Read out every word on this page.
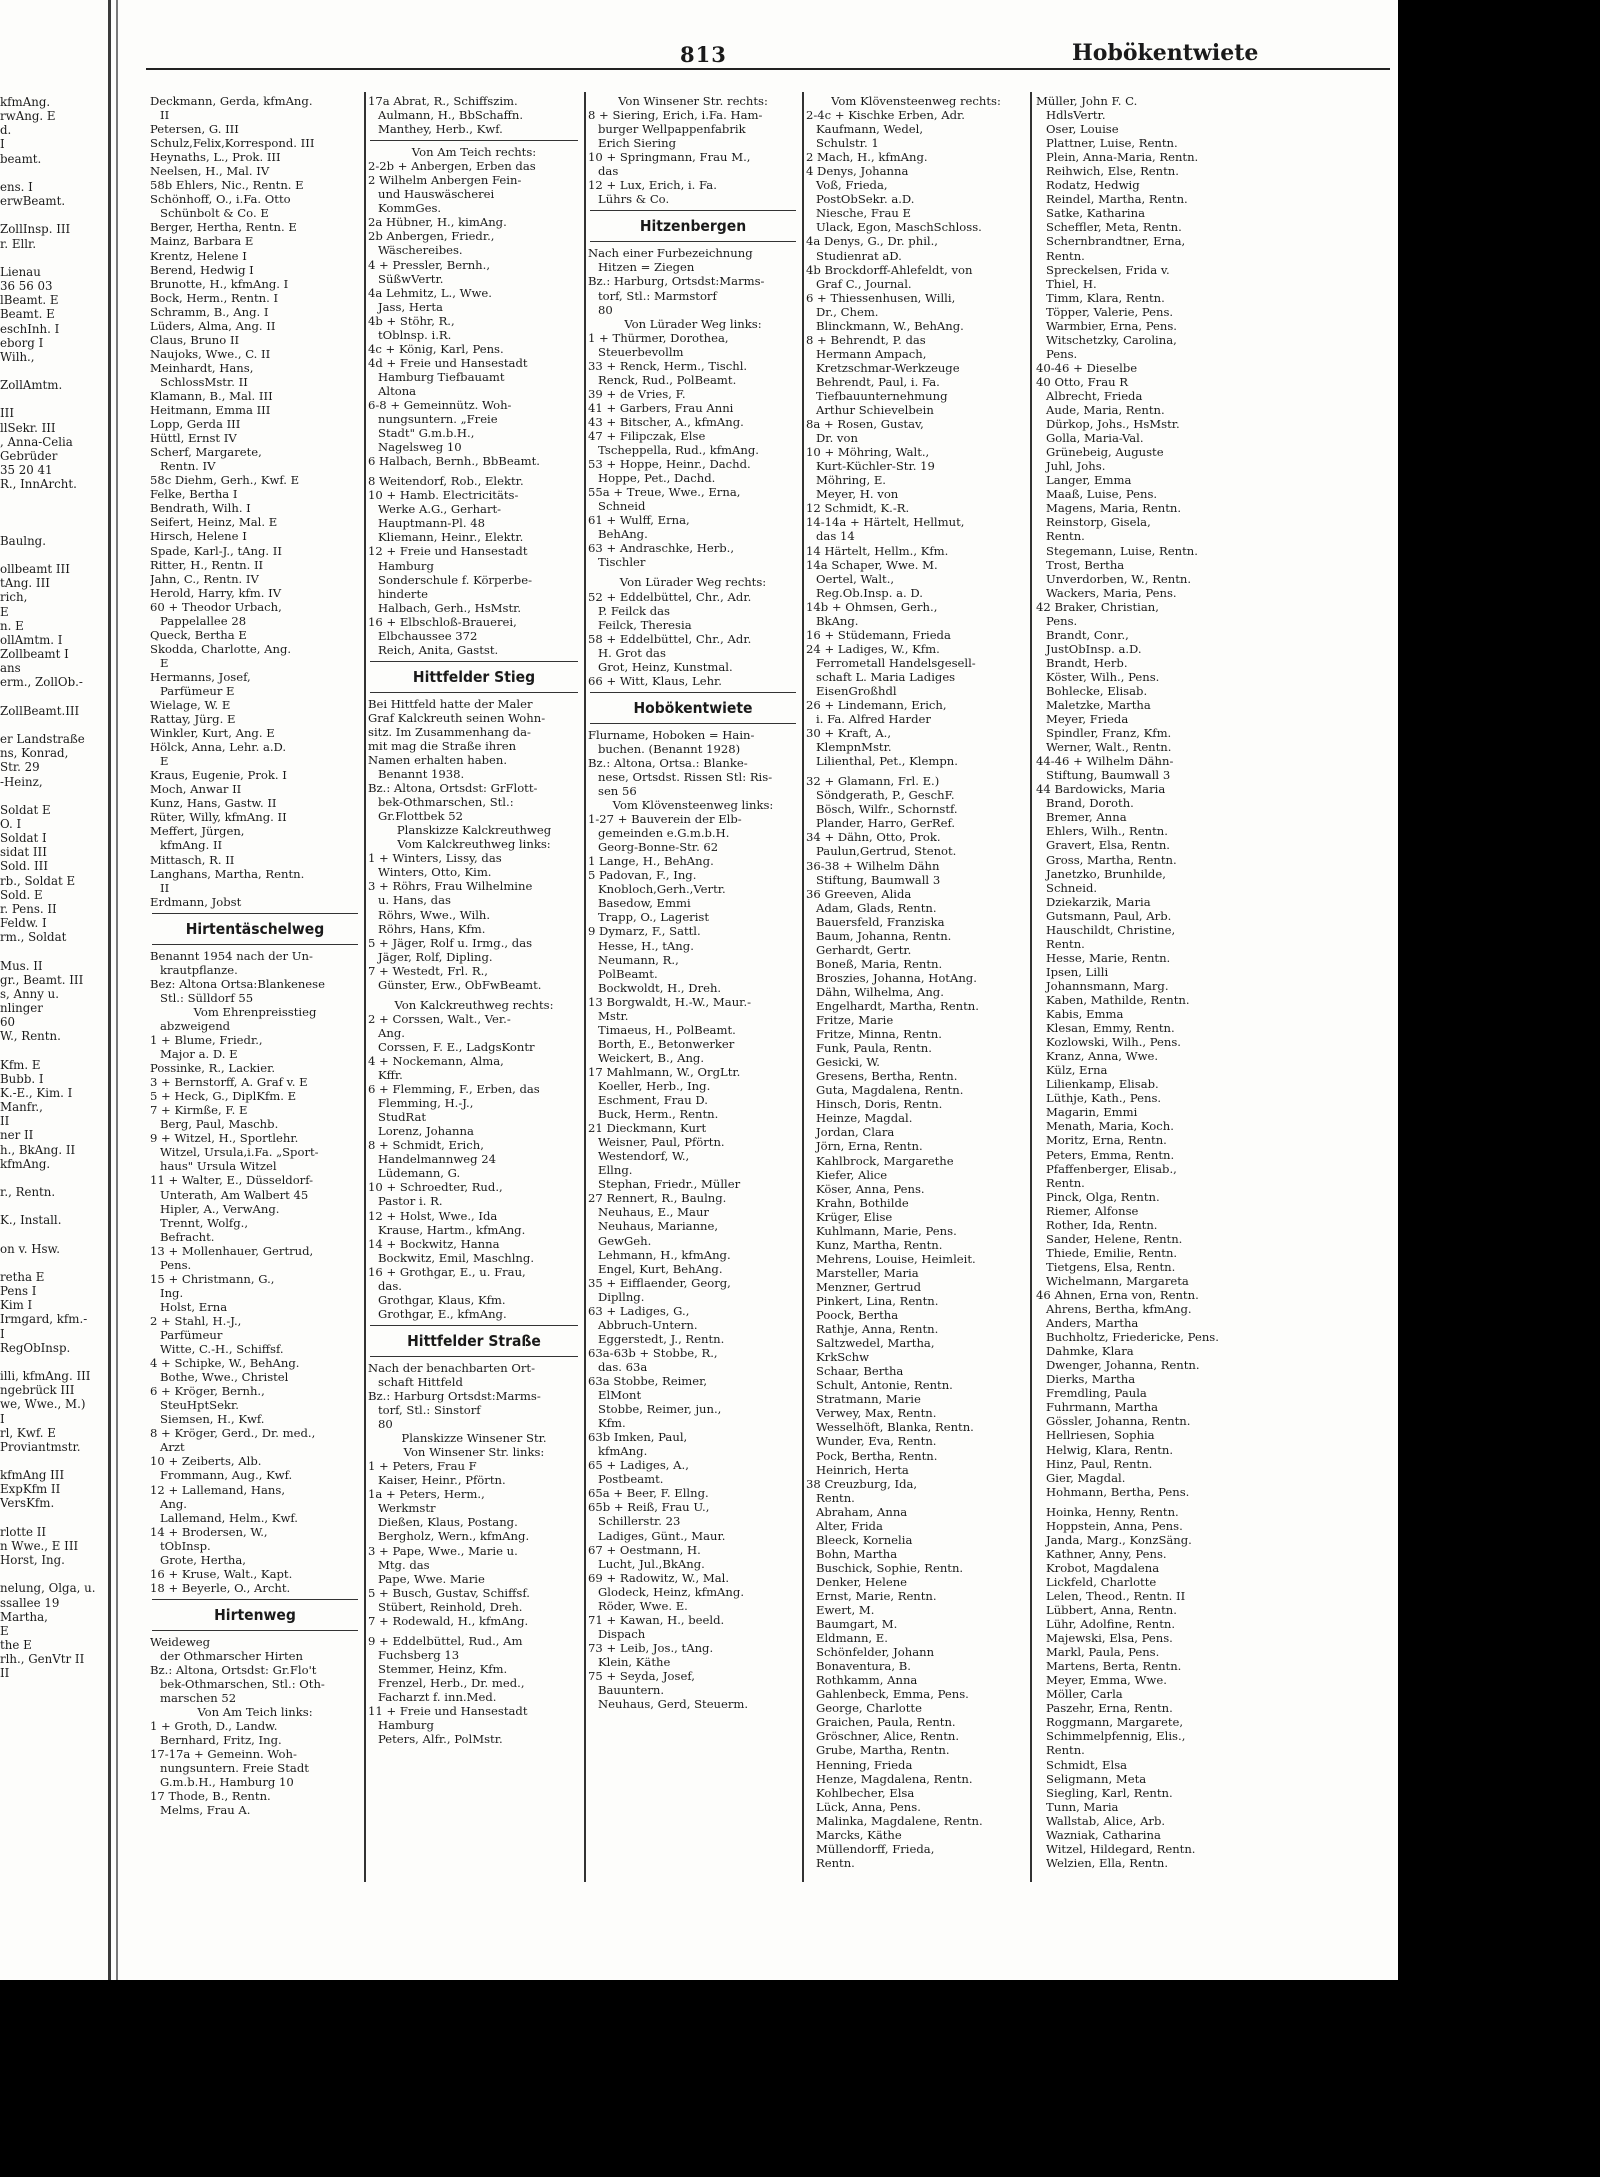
kfmAng.
rwAng. E
d.
I
beamt.

ens. I
erwBeamt.

ZollInsp. III
r. Ellr.

Lienau
36 56 03
lBeamt. E
Beamt. E
eschInh. I
eborg I
Wilh.,

ZollAmtm.

III
llSekr. III
, Anna-Celia
Gebrüder
35 20 41
R., InnArcht.

Baulng.

ollbeamt III
tAng. III
rich,
E
n. E
ollAmtm. I
Zollbeamt I
ans
erm., ZollOb.-

ZollBeamt.III

er Landstraße
ns, Konrad,
Str. 29
-Heinz,

Soldat E
O. I
Soldat I
sidat III
Sold. III
rb., Soldat E
Sold. E
r. Pens. II
Feldw. I
rm., Soldat

Mus. II
gr., Beamt. III
s, Anny u.
nlinger
60
W., Rentn.

Kfm. E
Bubb. I
K.-E., Kim. I
Manfr.,
II
ner II
h., BkAng. II
kfmAng.

r., Rentn.

K., Install.

on v. Hsw.

retha E
Pens I
Kim I
Irmgard, kfm.-
I
RegObInsp.

illi, kfmAng. III
ngebrück III
we, Wwe., M.)
I
rl, Kwf. E
Proviantmstr.

kfmAng III
ExpKfm II
VersKfm.

rlotte II
n Wwe., E III
Horst, Ing.

nelung, Olga, u.
ssallee 19
Martha,
E
the E
rlh., GenVtr II
II
813	Hobökentwiete
Deckmann, Gerda, kfmAng.
II
Petersen, G. III
Schulz,Felix,Korrespond. III
Heynaths, L., Prok. III
Neelsen, H., Mal. IV
58b Ehlers, Nic., Rentn. E
Schönhoff, O., i.Fa. Otto
Schünbolt & Co. E
Berger, Hertha, Rentn. E
Mainz, Barbara E
Krentz, Helene I
Berend, Hedwig I
Brunotte, H., kfmAng. I
Bock, Herm., Rentn. I
Schramm, B., Ang. I
Lüders, Alma, Ang. II
Claus, Bruno II
Naujoks, Wwe., C. II
Meinhardt, Hans,
SchlossMstr. II
Klamann, B., Mal. III
Heitmann, Emma III
Lopp, Gerda III
Hüttl, Ernst IV
Scherf, Margarete,
Rentn. IV
58c Diehm, Gerh., Kwf. E
Felke, Bertha I
Bendrath, Wilh. I
Seifert, Heinz, Mal. E
Hirsch, Helene I
Spade, Karl-J., tAng. II
Ritter, H., Rentn. II
Jahn, C., Rentn. IV
Herold, Harry, kfm. IV
60 + Theodor Urbach,
Pappelallee 28
Queck, Bertha E
Skodda, Charlotte, Ang.
E
Hermanns, Josef,
Parfümeur E
Wielage, W. E
Rattay, Jürg. E
Winkler, Kurt, Ang. E
Hölck, Anna, Lehr. a.D.
E
Kraus, Eugenie, Prok. I
Moch, Anwar II
Kunz, Hans, Gastw. II
Rüter, Willy, kfmAng. II
Meffert, Jürgen,
kfmAng. II
Mittasch, R. II
Langhans, Martha, Rentn.
II
Erdmann, Jobst
Hirtentäschelweg
Benannt 1954 nach der Un-
krautpflanze.
Bez: Altona Ortsa:Blankenese
Stl.: Sülldorf 55
Vom Ehrenpreisstieg
abzweigend
1 + Blume, Friedr.,
Major a. D. E
Possinke, R., Lackier.
3 + Bernstorff, A. Graf v. E
5 + Heck, G., DiplKfm. E
7 + Kirmße, F. E
Berg, Paul, Maschb.
9 + Witzel, H., Sportlehr.
Witzel, Ursula,i.Fa. „Sport-
haus" Ursula Witzel
11 + Walter, E., Düsseldorf-
Unterath, Am Walbert 45
Hipler, A., VerwAng.
Trennt, Wolfg.,
Befracht.
13 + Mollenhauer, Gertrud,
Pens.
15 + Christmann, G.,
Ing.
Holst, Erna
2 + Stahl, H.-J.,
Parfümeur
Witte, C.-H., Schiffsf.
4 + Schipke, W., BehAng.
Bothe, Wwe., Christel
6 + Kröger, Bernh.,
SteuHptSekr.
Siemsen, H., Kwf.
8 + Kröger, Gerd., Dr. med.,
Arzt
10 + Zeiberts, Alb.
Frommann, Aug., Kwf.
12 + Lallemand, Hans,
Ang.
Lallemand, Helm., Kwf.
14 + Brodersen, W.,
tObInsp.
Grote, Hertha,
16 + Kruse, Walt., Kapt.
18 + Beyerle, O., Archt.
Hirtenweg
Weideweg
der Othmarscher Hirten
Bz.: Altona, Ortsdst: Gr.Flo't
bek-Othmarschen, Stl.: Oth-
marschen 52
Von Am Teich links:
1 + Groth, D., Landw.
Bernhard, Fritz, Ing.
17-17a + Gemeinn. Woh-
nungsuntern. Freie Stadt
G.m.b.H., Hamburg 10
17 Thode, B., Rentn.
Melms, Frau A.
17a Abrat, R., Schiffszim.
Aulmann, H., BbSchaffn.
Manthey, Herb., Kwf.
Von Am Teich rechts:
2-2b + Anbergen, Erben das
2 Wilhelm Anbergen Fein-
und Hauswäscherei
KommGes.
2a Hübner, H., kimAng.
2b Anbergen, Friedr.,
Wäschereibes.
4 + Pressler, Bernh.,
SüßwVertr.
4a Lehmitz, L., Wwe.
Jass, Herta
4b + Stöhr, R.,
tOblnsp. i.R.
4c + König, Karl, Pens.
4d + Freie und Hansestadt
Hamburg Tiefbauamt
Altona
6-8 + Gemeinnütz. Woh-
nungsuntern. „Freie
Stadt" G.m.b.H.,
Nagelsweg 10
6 Halbach, Bernh., BbBeamt.
8 Weitendorf, Rob., Elektr.
10 + Hamb. Electricitäts-
Werke A.G., Gerhart-
Hauptmann-Pl. 48
Kliemann, Heinr., Elektr.
12 + Freie und Hansestadt
Hamburg
Sonderschule f. Körperbe-
hinderte
Halbach, Gerh., HsMstr.
16 + Elbschloß-Brauerei,
Elbchaussee 372
Reich, Anita, Gastst.
Hittfelder Stieg
Bei Hittfeld hatte der Maler
Graf Kalckreuth seinen Wohn-
sitz. Im Zusammenhang da-
mit mag die Straße ihren
Namen erhalten haben.
Benannt 1938.
Bz.: Altona, Ortsdst: GrFlott-
bek-Othmarschen, Stl.:
Gr.Flottbek 52
Planskizze Kalckreuthweg
Vom Kalckreuthweg links:
1 + Winters, Lissy, das
Winters, Otto, Kim.
3 + Röhrs, Frau Wilhelmine
u. Hans, das
Röhrs, Wwe., Wilh.
Röhrs, Hans, Kfm.
5 + Jäger, Rolf u. Irmg., das
Jäger, Rolf, Dipling.
7 + Westedt, Frl. R.,
Günster, Erw., ObFwBeamt.
Von Kalckreuthweg rechts:
2 + Corssen, Walt., Ver.-
Ang.
Corssen, F. E., LadgsKontr
4 + Nockemann, Alma,
Kffr.
6 + Flemming, F., Erben, das
Flemming, H.-J.,
StudRat
Lorenz, Johanna
8 + Schmidt, Erich,
Handelmannweg 24
Lüdemann, G.
10 + Schroedter, Rud.,
Pastor i. R.
12 + Holst, Wwe., Ida
Krause, Hartm., kfmAng.
14 + Bockwitz, Hanna
Bockwitz, Emil, Maschlng.
16 + Grothgar, E., u. Frau,
das.
Grothgar, Klaus, Kfm.
Grothgar, E., kfmAng.
Hittfelder Straße
Nach der benachbarten Ort-
schaft Hittfeld
Bz.: Harburg Ortsdst:Marms-
torf, Stl.: Sinstorf
80
Planskizze Winsener Str.
Von Winsener Str. links:
1 + Peters, Frau F
Kaiser, Heinr., Pförtn.
1a + Peters, Herm.,
Werkmstr
Dießen, Klaus, Postang.
Bergholz, Wern., kfmAng.
3 + Pape, Wwe., Marie u.
Mtg. das
Pape, Wwe. Marie
5 + Busch, Gustav, Schiffsf.
Stübert, Reinhold, Dreh.
7 + Rodewald, H., kfmAng.
9 + Eddelbüttel, Rud., Am
Fuchsberg 13
Stemmer, Heinz, Kfm.
Frenzel, Herb., Dr. med.,
Facharzt f. inn.Med.
11 + Freie und Hansestadt
Hamburg
Peters, Alfr., PolMstr.
Von Winsener Str. rechts:
8 + Siering, Erich, i.Fa. Ham-
burger Wellpappenfabrik
Erich Siering
10 + Springmann, Frau M.,
das
12 + Lux, Erich, i. Fa.
Lührs & Co.
Hitzenbergen
Nach einer Furbezeichnung
Hitzen = Ziegen
Bz.: Harburg, Ortsdst:Marms-
torf, Stl.: Marmstorf
80
Von Lürader Weg links:
1 + Thürmer, Dorothea,
Steuerbevollm
33 + Renck, Herm., Tischl.
Renck, Rud., PolBeamt.
39 + de Vries, F.
41 + Garbers, Frau Anni
43 + Bitscher, A., kfmAng.
47 + Filipczak, Else
Tscheppella, Rud., kfmAng.
53 + Hoppe, Heinr., Dachd.
Hoppe, Pet., Dachd.
55a + Treue, Wwe., Erna,
Schneid
61 + Wulff, Erna,
BehAng.
63 + Andraschke, Herb.,
Tischler
Von Lürader Weg rechts:
52 + Eddelbüttel, Chr., Adr.
P. Feilck das
Feilck, Theresia
58 + Eddelbüttel, Chr., Adr.
H. Grot das
Grot, Heinz, Kunstmal.
66 + Witt, Klaus, Lehr.
Hobökentwiete
Flurname, Hoboken = Hain-
buchen. (Benannt 1928)
Bz.: Altona, Ortsa.: Blanke-
nese, Ortsdst. Rissen Stl: Ris-
sen 56
Vom Klövensteenweg links:
1-27 + Bauverein der Elb-
gemeinden e.G.m.b.H.
Georg-Bonne-Str. 62
1 Lange, H., BehAng.
5 Padovan, F., Ing.
Knobloch,Gerh.,Vertr.
Basedow, Emmi
Trapp, O., Lagerist
9 Dymarz, F., Sattl.
Hesse, H., tAng.
Neumann, R.,
PolBeamt.
Bockwoldt, H., Dreh.
13 Borgwaldt, H.-W., Maur.-
Mstr.
Timaeus, H., PolBeamt.
Borth, E., Betonwerker
Weickert, B., Ang.
17 Mahlmann, W., OrgLtr.
Koeller, Herb., Ing.
Eschment, Frau D.
Buck, Herm., Rentn.
21 Dieckmann, Kurt
Weisner, Paul, Pförtn.
Westendorf, W.,
Ellng.
Stephan, Friedr., Müller
27 Rennert, R., Baulng.
Neuhaus, E., Maur
Neuhaus, Marianne,
GewGeh.
Lehmann, H., kfmAng.
Engel, Kurt, BehAng.
35 + Eifflaender, Georg,
Dipllng.
63 + Ladiges, G.,
Abbruch-Untern.
Eggerstedt, J., Rentn.
63a-63b + Stobbe, R.,
das. 63a
63a Stobbe, Reimer,
ElMont
Stobbe, Reimer, jun.,
Kfm.
63b Imken, Paul,
kfmAng.
65 + Ladiges, A.,
Postbeamt.
65a + Beer, F. Ellng.
65b + Reiß, Frau U.,
Schillerstr. 23
Ladiges, Günt., Maur.
67 + Oestmann, H.
Lucht, Jul.,BkAng.
69 + Radowitz, W., Mal.
Glodeck, Heinz, kfmAng.
Röder, Wwe. E.
71 + Kawan, H., beeld.
Dispach
73 + Leib, Jos., tAng.
Klein, Käthe
75 + Seyda, Josef,
Bauuntern.
Neuhaus, Gerd, Steuerm.
Vom Klövensteenweg rechts:
2-4c + Kischke Erben, Adr.
Kaufmann, Wedel,
Schulstr. 1
2 Mach, H., kfmAng.
4 Denys, Johanna
Voß, Frieda,
PostObSekr. a.D.
Niesche, Frau E
Ulack, Egon, MaschSchloss.
4a Denys, G., Dr. phil.,
Studienrat aD.
4b Brockdorff-Ahlefeldt, von
Graf C., Journal.
6 + Thiessenhusen, Willi,
Dr., Chem.
Blinckmann, W., BehAng.
8 + Behrendt, P. das
Hermann Ampach,
Kretzschmar-Werkzeuge
Behrendt, Paul, i. Fa.
Tiefbauunternehmung
Arthur Schievelbein
8a + Rosen, Gustav,
Dr. von
10 + Möhring, Walt.,
Kurt-Küchler-Str. 19
Möhring, E.
Meyer, H. von
12 Schmidt, K.-R.
14-14a + Härtelt, Hellmut,
das 14
14 Härtelt, Hellm., Kfm.
14a Schaper, Wwe. M.
Oertel, Walt.,
Reg.Ob.Insp. a. D.
14b + Ohmsen, Gerh.,
BkAng.
16 + Stüdemann, Frieda
24 + Ladiges, W., Kfm.
Ferrometall Handelsgesell-
schaft L. Maria Ladiges
EisenGroßhdl
26 + Lindemann, Erich,
i. Fa. Alfred Harder
30 + Kraft, A.,
KlempnMstr.
Lilienthal, Pet., Klempn.
32 + Glamann, Frl. E.)
Söndgerath, P., GeschF.
Bösch, Wilfr., Schornstf.
Plander, Harro, GerRef.
34 + Dähn, Otto, Prok.
Paulun,Gertrud, Stenot.
36-38 + Wilhelm Dähn
Stiftung, Baumwall 3
36 Greeven, Alida
Adam, Glads, Rentn.
Bauersfeld, Franziska
Baum, Johanna, Rentn.
Gerhardt, Gertr.
Boneß, Maria, Rentn.
Broszies, Johanna, HotAng.
Dähn, Wilhelma, Ang.
Engelhardt, Martha, Rentn.
Fritze, Marie
Fritze, Minna, Rentn.
Funk, Paula, Rentn.
Gesicki, W.
Gresens, Bertha, Rentn.
Guta, Magdalena, Rentn.
Hinsch, Doris, Rentn.
Heinze, Magdal.
Jordan, Clara
Jörn, Erna, Rentn.
Kahlbrock, Margarethe
Kiefer, Alice
Köser, Anna, Pens.
Krahn, Bothilde
Krüger, Elise
Kuhlmann, Marie, Pens.
Kunz, Martha, Rentn.
Mehrens, Louise, Heimleit.
Marsteller, Maria
Menzner, Gertrud
Pinkert, Lina, Rentn.
Poock, Bertha
Rathje, Anna, Rentn.
Saltzwedel, Martha,
KrkSchw
Schaar, Bertha
Schult, Antonie, Rentn.
Stratmann, Marie
Verwey, Max, Rentn.
Wesselhöft, Blanka, Rentn.
Wunder, Eva, Rentn.
Pock, Bertha, Rentn.
Heinrich, Herta
38 Creuzburg, Ida,
Rentn.
Abraham, Anna
Alter, Frida
Bleeck, Kornelia
Bohn, Martha
Buschick, Sophie, Rentn.
Denker, Helene
Ernst, Marie, Rentn.
Ewert, M.
Baumgart, M.
Eldmann, E.
Schönfelder, Johann
Bonaventura, B.
Rothkamm, Anna
Gahlenbeck, Emma, Pens.
George, Charlotte
Graichen, Paula, Rentn.
Gröschner, Alice, Rentn.
Grube, Martha, Rentn.
Henning, Frieda
Henze, Magdalena, Rentn.
Kohlbecher, Elsa
Lück, Anna, Pens.
Malinka, Magdalene, Rentn.
Marcks, Käthe
Müllendorff, Frieda,
Rentn.
Müller, John F. C.
HdlsVertr.
Oser, Louise
Plattner, Luise, Rentn.
Plein, Anna-Maria, Rentn.
Reihwich, Else, Rentn.
Rodatz, Hedwig
Reindel, Martha, Rentn.
Satke, Katharina
Scheffler, Meta, Rentn.
Schernbrandtner, Erna,
Rentn.
Spreckelsen, Frida v.
Thiel, H.
Timm, Klara, Rentn.
Töpper, Valerie, Pens.
Warmbier, Erna, Pens.
Witschetzky, Carolina,
Pens.
40-46 + Dieselbe
40 Otto, Frau R
Albrecht, Frieda
Aude, Maria, Rentn.
Dürkop, Johs., HsMstr.
Golla, Maria-Val.
Grünebeig, Auguste
Juhl, Johs.
Langer, Emma
Maaß, Luise, Pens.
Magens, Maria, Rentn.
Reinstorp, Gisela,
Rentn.
Stegemann, Luise, Rentn.
Trost, Bertha
Unverdorben, W., Rentn.
Wackers, Maria, Pens.
42 Braker, Christian,
Pens.
Brandt, Conr.,
JustObInsp. a.D.
Brandt, Herb.
Köster, Wilh., Pens.
Bohlecke, Elisab.
Maletzke, Martha
Meyer, Frieda
Spindler, Franz, Kfm.
Werner, Walt., Rentn.
44-46 + Wilhelm Dähn-
Stiftung, Baumwall 3
44 Bardowicks, Maria
Brand, Doroth.
Bremer, Anna
Ehlers, Wilh., Rentn.
Gravert, Elsa, Rentn.
Gross, Martha, Rentn.
Janetzko, Brunhilde,
Schneid.
Dziekarzik, Maria
Gutsmann, Paul, Arb.
Hauschildt, Christine,
Rentn.
Hesse, Marie, Rentn.
Ipsen, Lilli
Johannsmann, Marg.
Kaben, Mathilde, Rentn.
Kabis, Emma
Klesan, Emmy, Rentn.
Kozlowski, Wilh., Pens.
Kranz, Anna, Wwe.
Külz, Erna
Lilienkamp, Elisab.
Lüthje, Kath., Pens.
Magarin, Emmi
Menath, Maria, Koch.
Moritz, Erna, Rentn.
Peters, Emma, Rentn.
Pfaffenberger, Elisab.,
Rentn.
Pinck, Olga, Rentn.
Riemer, Alfonse
Rother, Ida, Rentn.
Sander, Helene, Rentn.
Thiede, Emilie, Rentn.
Tietgens, Elsa, Rentn.
Wichelmann, Margareta
46 Ahnen, Erna von, Rentn.
Ahrens, Bertha, kfmAng.
Anders, Martha
Buchholtz, Friedericke, Pens.
Dahmke, Klara
Dwenger, Johanna, Rentn.
Dierks, Martha
Fremdling, Paula
Fuhrmann, Martha
Gössler, Johanna, Rentn.
Hellriesen, Sophia
Helwig, Klara, Rentn.
Hinz, Paul, Rentn.
Gier, Magdal.
Hohmann, Bertha, Pens.
Hoinka, Henny, Rentn.
Hoppstein, Anna, Pens.
Janda, Marg., KonzSäng.
Kathner, Anny, Pens.
Krobot, Magdalena
Lickfeld, Charlotte
Lelen, Theod., Rentn. II
Lübbert, Anna, Rentn.
Lühr, Adolfine, Rentn.
Majewski, Elsa, Pens.
Markl, Paula, Pens.
Martens, Berta, Rentn.
Meyer, Emma, Wwe.
Möller, Carla
Paszehr, Erna, Rentn.
Roggmann, Margarete,
Schimmelpfennig, Elis.,
Rentn.
Schmidt, Elsa
Seligmann, Meta
Siegling, Karl, Rentn.
Tunn, Maria
Wallstab, Alice, Arb.
Wazniak, Catharina
Witzel, Hildegard, Rentn.
Welzien, Ella, Rentn.
